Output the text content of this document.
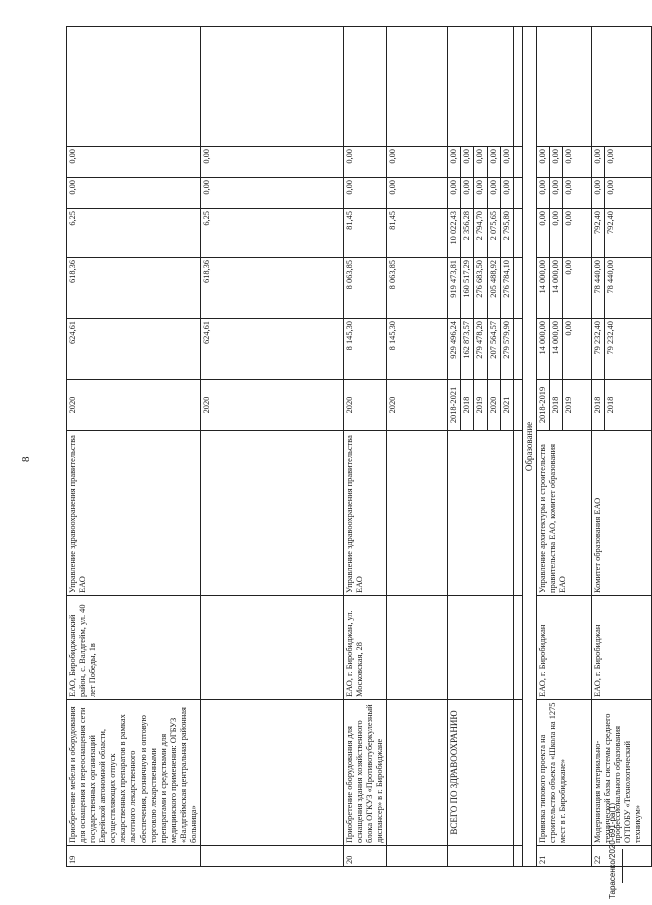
8
19	Приобретение мебели и оборудования для оснащения и переоснащения сети государственных организаций Еврейской автономной области, осуществляющих отпуск лекарственных препаратов в рамках льготного лекарственного обеспечения, розничную и оптовую торговлю лекарственными препаратами и средствами для медицинского применения: ОГБУЗ «Валдгеймская центральная районная больница»	ЕАО, Биробиджанский район, с. Валдгейм, ул. 40 лет Победы, 1в	Управление здравоохранения правительства ЕАО	2020	624,61	618,36	6,25	0,00	0,00	
				2020	624,61	618,36	6,25	0,00	0,00	
20	Приобретение оборудования для оснащения здания хозяйственного блока ОГКУЗ «Противотуберкулезный диспансер» в г. Биробиджане	ЕАО, г. Биробиджан, ул. Московская, 28	Управление здравоохранения правительства ЕАО	2020	8 145,30	8 063,85	81,45	0,00	0,00	
				2020	8 145,30	8 063,85	81,45	0,00	0,00	
	ВСЕГО ПО ЗДРАВООХРАНИЮ			2018-2021	929 496,24	919 473,81	10 022,43	0,00	0,00	
				2018	162 873,57	160 517,29	2 356,28	0,00	0,00	
				2019	279 478,20	276 683,50	2 794,70	0,00	0,00	
				2020	207 564,57	205 488,92	2 075,65	0,00	0,00	
				2021	279 579,90	276 784,10	2 795,80	0,00	0,00	

Образование										
21	Привязка типового проекта на строительство объекта «Школа на 1275 мест в г. Биробиджане»	ЕАО, г. Биробиджан	Управление архитектуры и строительства правительства ЕАО, комитет образования ЕАО	2018-2019	14 000,00	14 000,00	0,00	0,00	0,00	
				2018	14 000,00	14 000,00	0,00	0,00	0,00	
				2019	0,00	0,00	0,00	0,00	0,00	
22	Модернизация материально-технической базы системы среднего профессионального образования ОГПОБУ «Технологический техникум»	ЕАО, г. Биробиджан	Комитет образования ЕАО	2018	79 232,40	78 440,00	792,40	0,00	0,00	
				2018	79 232,40	78 440,00	792,40	0,00	0,00	
Тарасенко/2020-691-ра(1)
